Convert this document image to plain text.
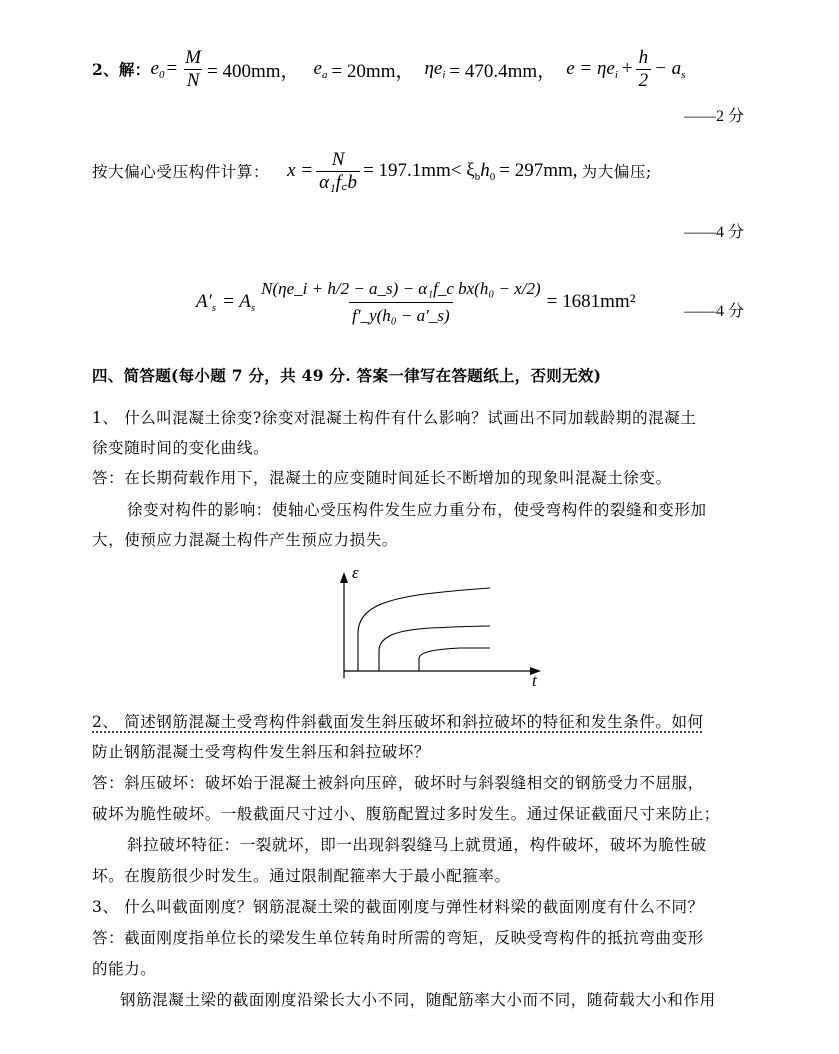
2、解： $e_0 = \frac{M}{N} = 400mm$， $e_a = 20mm$， $\eta e_i = 470.4mm$， $e = \eta e_i + \frac{h}{2} - a_s$
——2 分
按大偏心受压构件计算： $x = \frac{N}{\text{α₁f꜀b}} = 197.1mm< \xi_bh_0 = 297mm$, 为大偏压;
——4 分
$A'_s = A_s \frac{\text{N(ηe\_i + h/2 − a\_s) − α₁f\_c bx(h₀ − x/2)}}{\text{f′\_y(h₀ − a′\_s)}} = 1681mm^2$	——4 分
四、简答题(每小题 7 分，共 49 分. 答案一律写在答题纸上，否则无效)
1、 什么叫混凝土徐变?徐变对混凝土构件有什么影响？试画出不同加载龄期的混凝土
徐变随时间的变化曲线。
答：在长期荷载作用下，混凝土的应变随时间延长不断增加的现象叫混凝土徐变。
徐变对构件的影响：使轴心受压构件发生应力重分布，使受弯构件的裂缝和变形加
大，使预应力混凝土构件产生预应力损失。
ε
t
2、 简述钢筋混凝土受弯构件斜截面发生斜压破坏和斜拉破坏的特征和发生条件。如何
防止钢筋混凝土受弯构件发生斜压和斜拉破坏？
答：斜压破坏：破坏始于混凝土被斜向压碎，破坏时与斜裂缝相交的钢筋受力不屈服，
破坏为脆性破坏。一般截面尺寸过小、腹筋配置过多时发生。通过保证截面尺寸来防止；
斜拉破坏特征：一裂就坏，即一出现斜裂缝马上就贯通，构件破坏，破坏为脆性破
坏。在腹筋很少时发生。通过限制配箍率大于最小配箍率。
3、 什么叫截面刚度？钢筋混凝土梁的截面刚度与弹性材料梁的截面刚度有什么不同？
答：截面刚度指单位长的梁发生单位转角时所需的弯矩，反映受弯构件的抵抗弯曲变形
的能力。
钢筋混凝土梁的截面刚度沿梁长大小不同，随配筋率大小而不同，随荷载大小和作用
